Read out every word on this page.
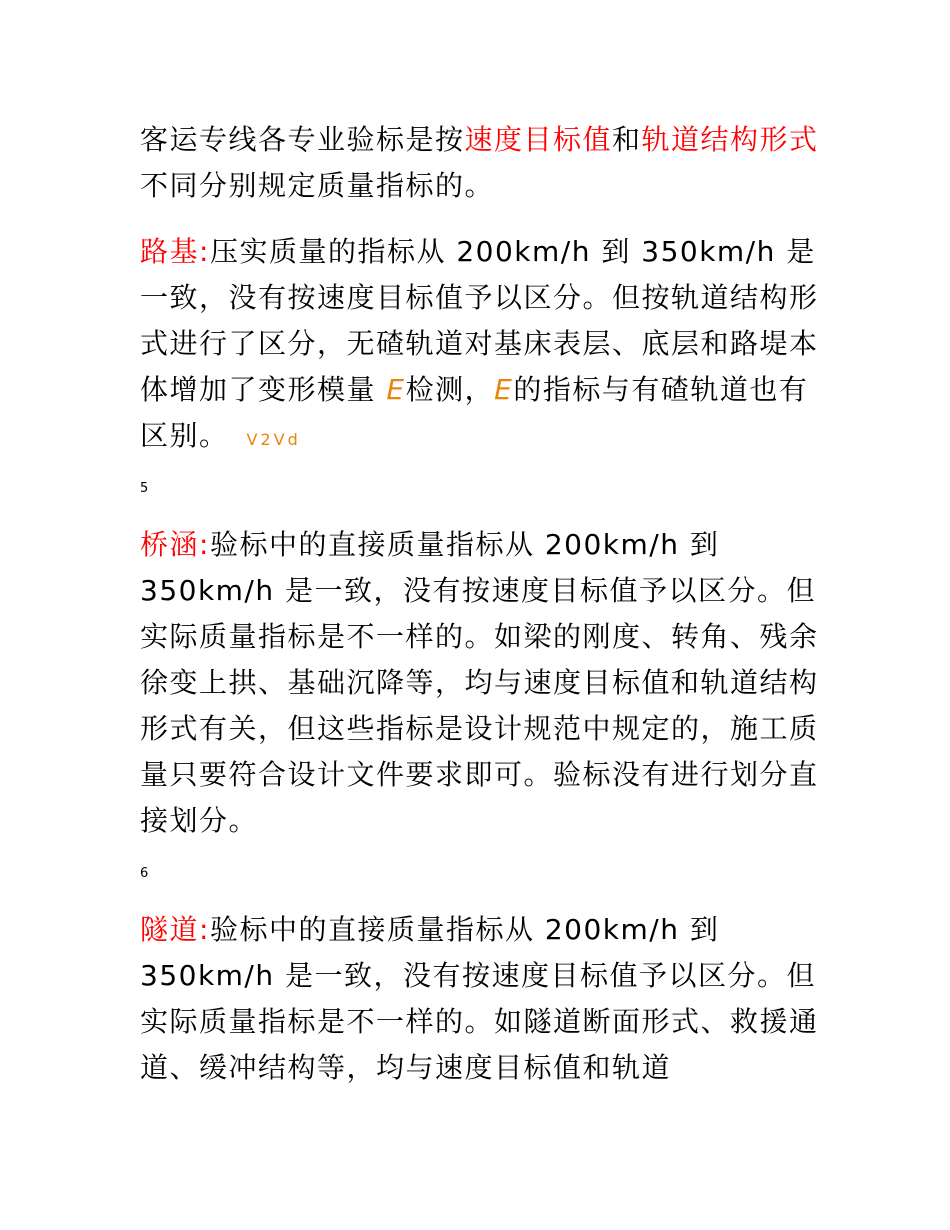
客运专线各专业验标是按速度目标值和轨道结构形式不同分别规定质量指标的。

路基:压实质量的指标从 200km/h 到 350km/h 是一致，没有按速度目标值予以区分。但按轨道结构形式进行了区分，无碴轨道对基床表层、底层和路堤本体增加了变形模量 E检测，E的指标与有碴轨道也有区别。 V2Vd

5

桥涵:验标中的直接质量指标从 200km/h 到 350km/h 是一致，没有按速度目标值予以区分。但实际质量指标是不一样的。如梁的刚度、转角、残余徐变上拱、基础沉降等，均与速度目标值和轨道结构形式有关，但这些指标是设计规范中规定的，施工质量只要符合设计文件要求即可。验标没有进行划分直接划分。

6

隧道:验标中的直接质量指标从 200km/h 到 350km/h 是一致，没有按速度目标值予以区分。但实际质量指标是不一样的。如隧道断面形式、救援通道、缓冲结构等，均与速度目标值和轨道
